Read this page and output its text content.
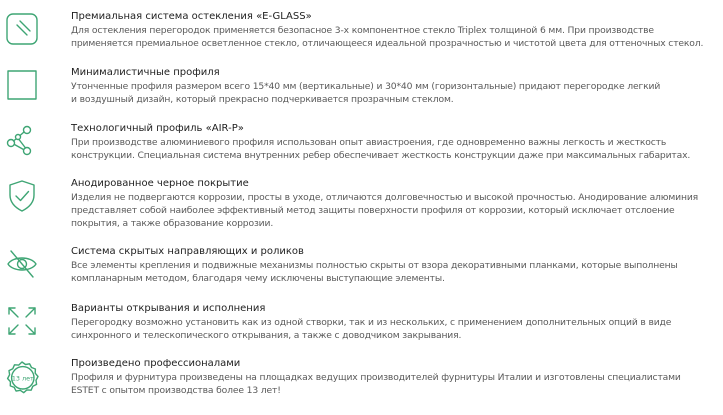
Премиальная система остекления «E-GLASS»
Для остекления перегородок применяется безопасное 3-х компонентное стекло Triplex толщиной 6 мм. При производстве
применяется премиальное осветленное стекло, отличающееся идеальной прозрачностью и чистотой цвета для оттеночных стекол.
Минималистичные профиля
Утонченные профиля размером всего 15*40 мм (вертикальные) и 30*40 мм (горизонтальные) придают перегородке легкий
и воздушный дизайн, который прекрасно подчеркивается прозрачным стеклом.
Технологичный профиль «AIR-P»
При производстве алюминиевого профиля использован опыт авиастроения, где одновременно важны легкость и жесткость
конструкции. Специальная система внутренних ребер обеспечивает жесткость конструкции даже при максимальных габаритах.
Анодированное черное покрытие
Изделия не подвергаются коррозии, просты в уходе, отличаются долговечностью и высокой прочностью. Анодирование алюминия
представляет собой наиболее эффективный метод защиты поверхности профиля от коррозии, который исключает отслоение
покрытия, а также образование коррозии.
Система скрытых направляющих и роликов
Все элементы крепления и подвижные механизмы полностью скрыты от взора декоративными планками, которые выполнены
компланарным методом, благодаря чему исключены выступающие элементы.
Варианты открывания и исполнения
Перегородку возможно установить как из одной створки, так и из нескольких, с применением дополнительных опций в виде
синхронного и телескопического открывания, а также с доводчиком закрывания.
13 лет
Произведено профессионалами
Профиля и фурнитура произведены на площадках ведущих производителей фурнитуры Италии и изготовлены специалистами
ESTET с опытом производства более 13 лет!
